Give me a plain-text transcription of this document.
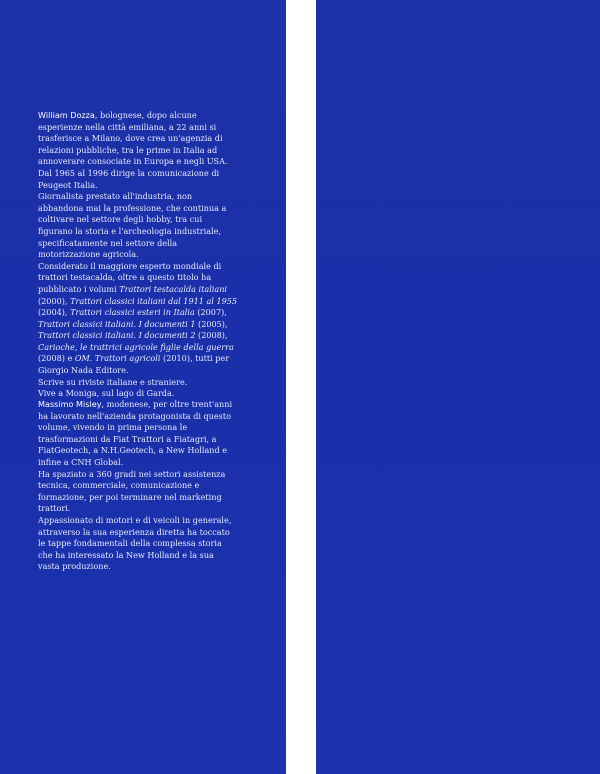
William Dozza, bolognese, dopo alcune esperienze nella città emiliana, a 22 anni si trasferisce a Milano, dove crea un'agenzia di relazioni pubbliche, tra le prime in Italia ad annoverare consociate in Europa e negli USA. Dal 1965 al 1996 dirige la comunicazione di Peugeot Italia.

Giornalista prestato all'industria, non abbandona mai la professione, che continua a coltivare nel settore degli hobby, tra cui figurano la storia e l'archeologia industriale, specificatamente nel settore della motorizzazione agricola.

Considerato il maggiore esperto mondiale di trattori testacalda, oltre a questo titolo ha pubblicato i volumi Trattori testacalda italiani (2000), Trattori classici italiani dal 1911 al 1955 (2004), Trattori classici esteri in Italia (2007), Trattori classici italiani. I documenti 1 (2005), Trattori classici italiani. I documenti 2 (2008), Carioche, le trattrici agricole figlie della guerra (2008) e OM. Trattori agricoli (2010), tutti per Giorgio Nada Editore.

Scrive su riviste italiane e straniere.

Vive a Moniga, sul lago di Garda.

Massimo Misley, modenese, per oltre trent'anni ha lavorato nell'azienda protagonista di questo volume, vivendo in prima persona le trasformazioni da Fiat Trattori a Fiatagri, a FiatGeotech, a N.H.Geotech, a New Holland e infine a CNH Global.

Ha spaziato a 360 gradi nei settori assistenza tecnica, commerciale, comunicazione e formazione, per poi terminare nel marketing trattori.

Appassionato di motori e di veicoli in generale, attraverso la sua esperienza diretta ha toccato le tappe fondamentali della complessa storia che ha interessato la New Holland e la sua vasta produzione.
